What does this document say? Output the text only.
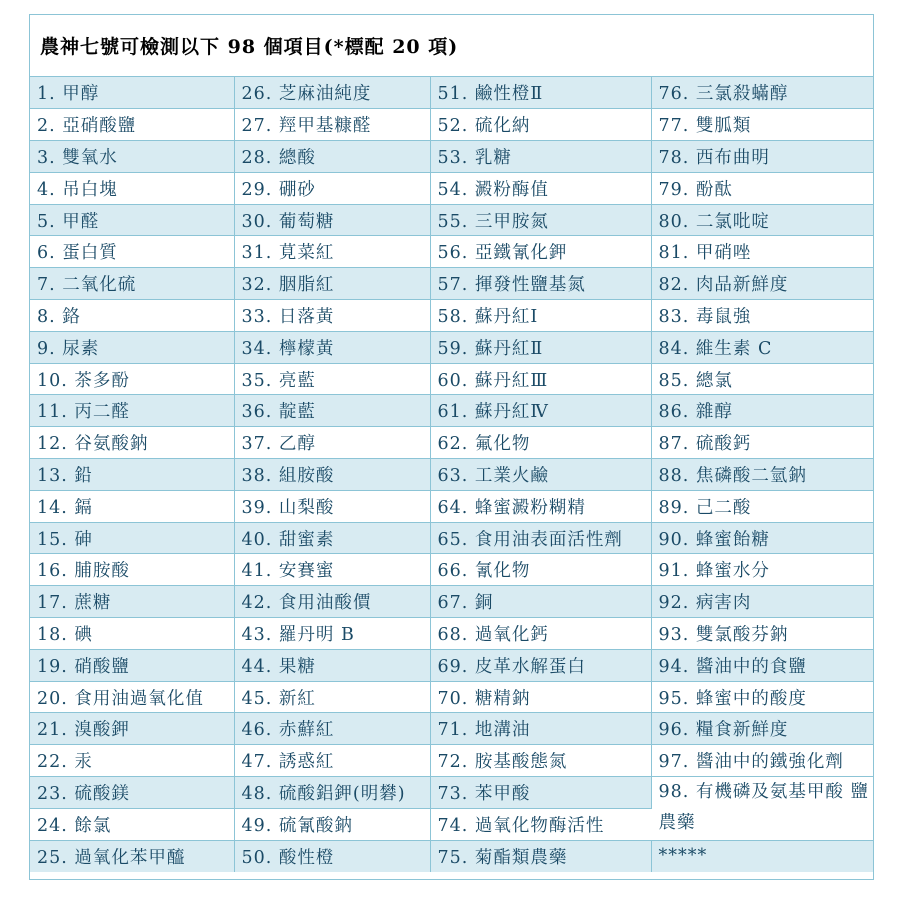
農神七號可檢測以下 98 個項目(*標配 20 項)
1. 甲醇	26. 芝麻油純度	51. 鹼性橙Ⅱ	76. 三氯殺蟎醇
2. 亞硝酸鹽	27. 羥甲基糠醛	52. 硫化納	77. 雙胍類
3. 雙氧水	28. 總酸	53. 乳糖	78. 西布曲明
4. 吊白塊	29. 硼砂	54. 澱粉酶值	79. 酚酞
5. 甲醛	30. 葡萄糖	55. 三甲胺氮	80. 二氯吡啶
6. 蛋白質	31. 莧菜紅	56. 亞鐵氰化鉀	81. 甲硝唑
7. 二氧化硫	32. 胭脂紅	57. 揮發性鹽基氮	82. 肉品新鮮度
8. 鉻	33. 日落黃	58. 蘇丹紅Ⅰ	83. 毒鼠強
9. 尿素	34. 檸檬黃	59. 蘇丹紅Ⅱ	84. 維生素 C
10. 茶多酚	35. 亮藍	60. 蘇丹紅Ⅲ	85. 總氯
11. 丙二醛	36. 靛藍	61. 蘇丹紅Ⅳ	86. 雜醇
12. 谷氨酸鈉	37. 乙醇	62. 氟化物	87. 硫酸鈣
13. 鉛	38. 組胺酸	63. 工業火鹼	88. 焦磷酸二氫鈉
14. 鎘	39. 山梨酸	64. 蜂蜜澱粉糊精	89. 己二酸
15. 砷	40. 甜蜜素	65. 食用油表面活性劑	90. 蜂蜜飴糖
16. 脯胺酸	41. 安賽蜜	66. 氰化物	91. 蜂蜜水分
17. 蔗糖	42. 食用油酸價	67. 銅	92. 病害肉
18. 碘	43. 羅丹明 B	68. 過氧化鈣	93. 雙氯酸芬鈉
19. 硝酸鹽	44. 果糖	69. 皮革水解蛋白	94. 醬油中的食鹽
20. 食用油過氧化值	45. 新紅	70. 糖精鈉	95. 蜂蜜中的酸度
21. 溴酸鉀	46. 赤蘚紅	71. 地溝油	96. 糧食新鮮度
22. 汞	47. 誘惑紅	72. 胺基酸態氮	97. 醬油中的鐵強化劑
23. 硫酸鎂	48. 硫酸鋁鉀(明礬)	73. 苯甲酸	98. 有機磷及氨基甲酸 鹽農藥
24. 餘氯	49. 硫氰酸鈉	74. 過氧化物酶活性	
25. 過氧化苯甲醯	50. 酸性橙	75. 菊酯類農藥	*****
